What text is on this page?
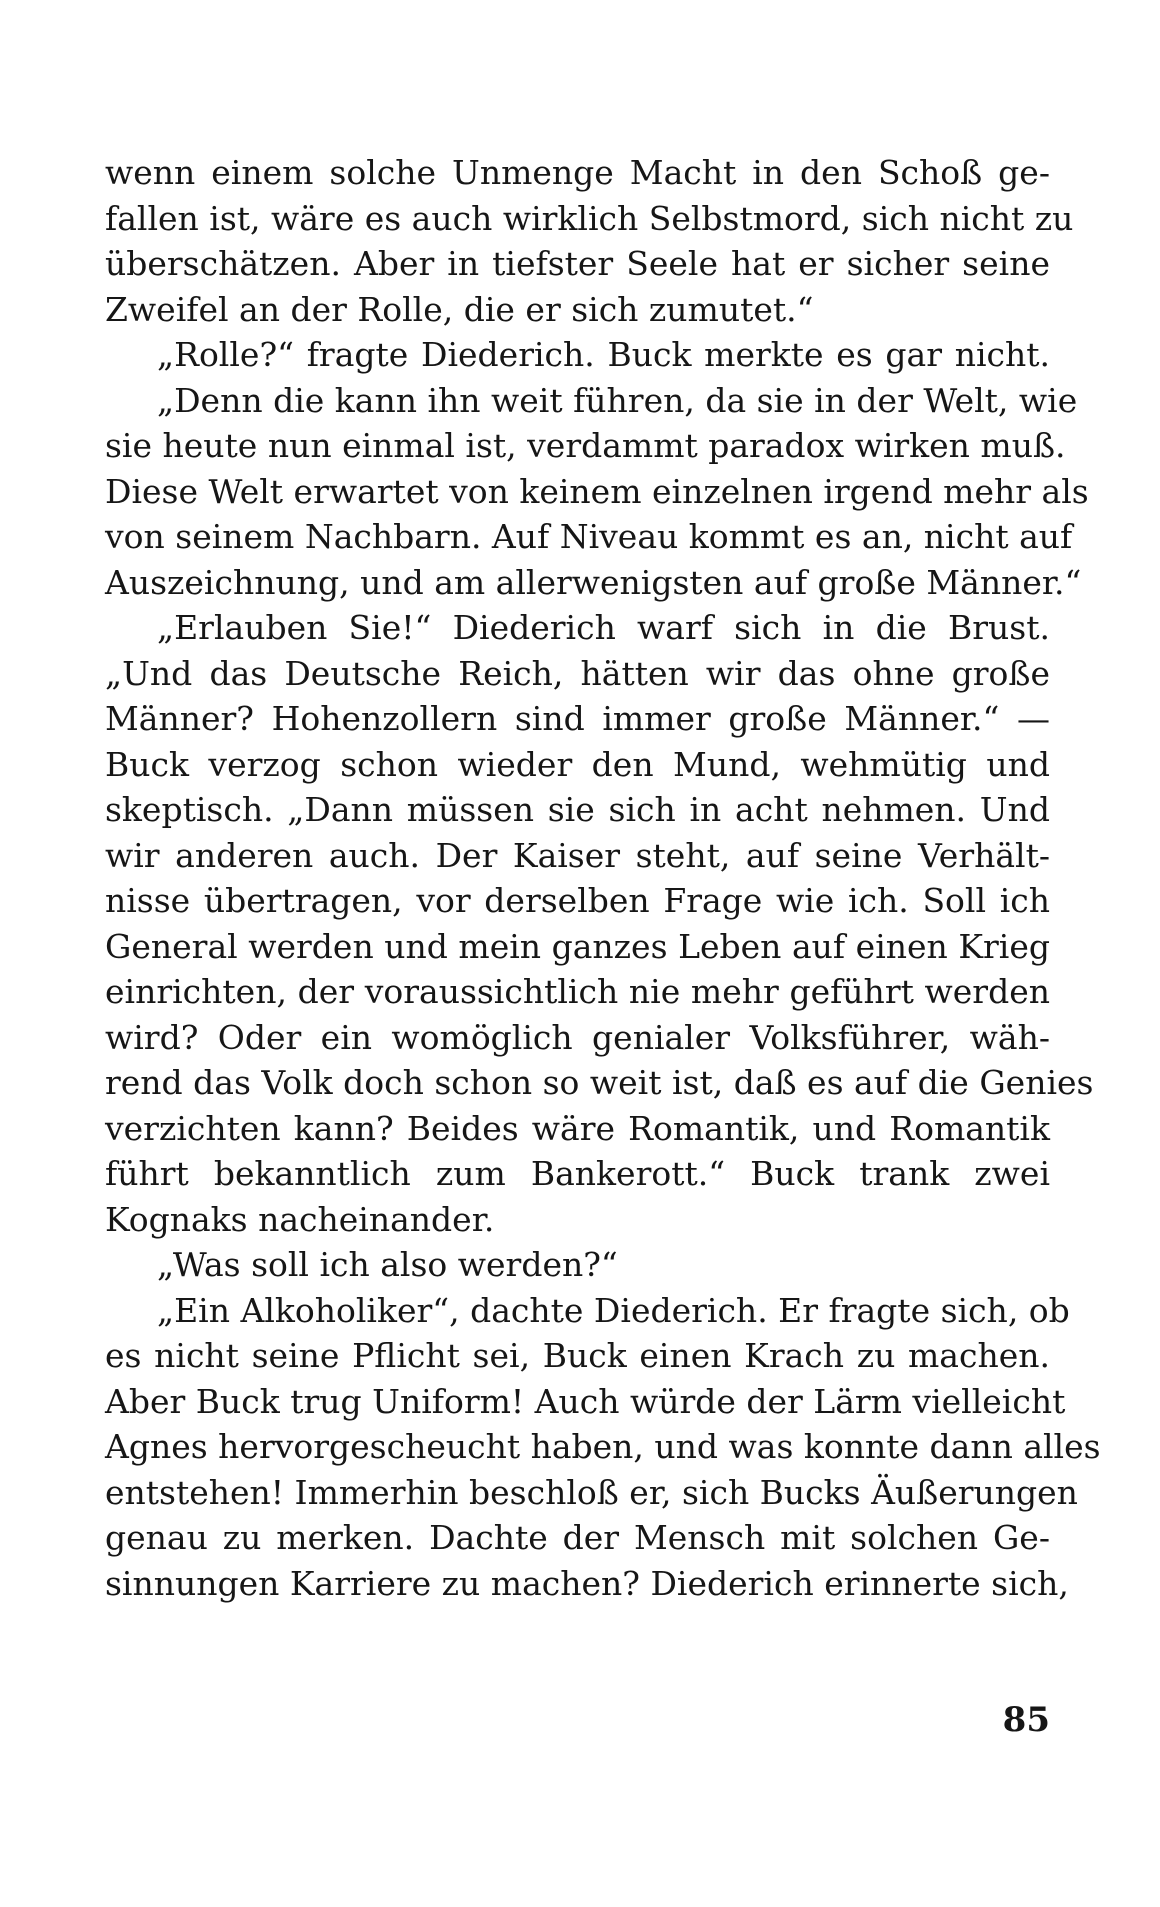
wenn einem solche Unmenge Macht in den Schoß ge-
fallen ist, wäre es auch wirklich Selbstmord, sich nicht zu
überschätzen. Aber in tiefster Seele hat er sicher seine
Zweifel an der Rolle, die er sich zumutet.“
„Rolle?“ fragte Diederich. Buck merkte es gar nicht.
„Denn die kann ihn weit führen, da sie in der Welt, wie
sie heute nun einmal ist, verdammt paradox wirken muß.
Diese Welt erwartet von keinem einzelnen irgend mehr als
von seinem Nachbarn. Auf Niveau kommt es an, nicht auf
Auszeichnung, und am allerwenigsten auf große Männer.“
„Erlauben Sie!“ Diederich warf sich in die Brust.
„Und das Deutsche Reich, hätten wir das ohne große
Männer? Hohenzollern sind immer große Männer.“ —
Buck verzog schon wieder den Mund, wehmütig und
skeptisch. „Dann müssen sie sich in acht nehmen. Und
wir anderen auch. Der Kaiser steht, auf seine Verhält-
nisse übertragen, vor derselben Frage wie ich. Soll ich
General werden und mein ganzes Leben auf einen Krieg
einrichten, der voraussichtlich nie mehr geführt werden
wird? Oder ein womöglich genialer Volksführer, wäh-
rend das Volk doch schon so weit ist, daß es auf die Genies
verzichten kann? Beides wäre Romantik, und Romantik
führt bekanntlich zum Bankerott.“ Buck trank zwei
Kognaks nacheinander.
„Was soll ich also werden?“
„Ein Alkoholiker“, dachte Diederich. Er fragte sich, ob
es nicht seine Pflicht sei, Buck einen Krach zu machen.
Aber Buck trug Uniform! Auch würde der Lärm vielleicht
Agnes hervorgescheucht haben, und was konnte dann alles
entstehen! Immerhin beschloß er, sich Bucks Äußerungen
genau zu merken. Dachte der Mensch mit solchen Ge-
sinnungen Karriere zu machen? Diederich erinnerte sich,
85
